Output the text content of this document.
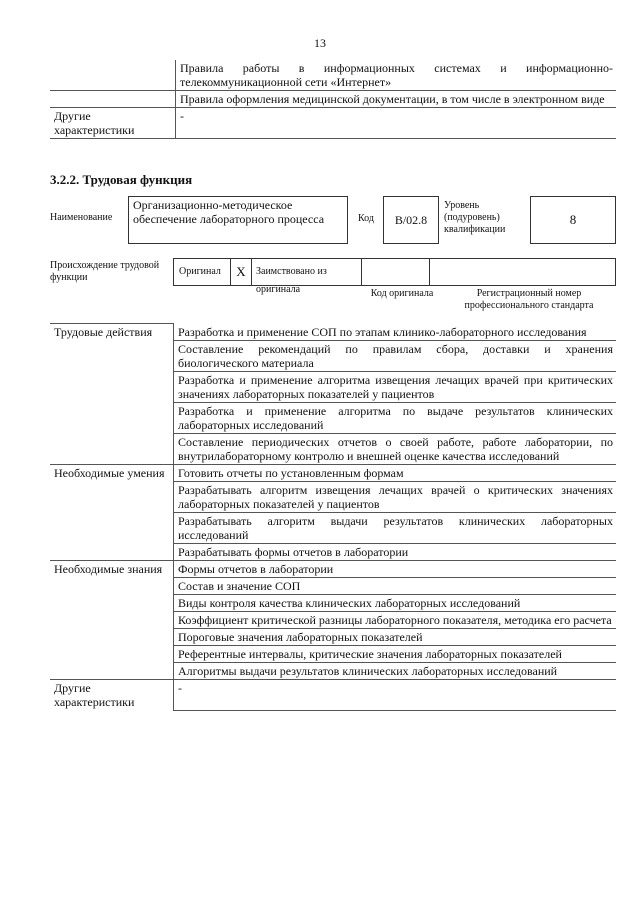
13
	Правила работы в информационных системах и информационно-телекоммуникационной сети «Интернет»
	Правила оформления медицинской документации, в том числе в электронном виде
Другие характеристики	-
3.2.2. Трудовая функция
Наименование
Организационно-методическое обеспечение лабораторного процесса	Код	B/02.8
Уровень (подуровень) квалификации
8
Происхождение трудовой функции
Оригинал	X	Заимствовано из оригинала	Код оригинала	Регистрационный номер профессионального стандарта
Трудовые действия	Разработка и применение СОП по этапам клинико-лабораторного исследования
	Составление рекомендаций по правилам сбора, доставки и хранения биологического материала
	Разработка и применение алгоритма извещения лечащих врачей при критических значениях лабораторных показателей у пациентов
	Разработка и применение алгоритма по выдаче результатов клинических лабораторных исследований
	Составление периодических отчетов о своей работе, работе лаборатории, по внутрилабораторному контролю и внешней оценке качества исследований
Необходимые умения	Готовить отчеты по установленным формам
	Разрабатывать алгоритм извещения лечащих врачей о критических значениях лабораторных показателей у пациентов
	Разрабатывать алгоритм выдачи результатов клинических лабораторных исследований
	Разрабатывать формы отчетов в лаборатории
Необходимые знания	Формы отчетов в лаборатории
	Состав и значение СОП
	Виды контроля качества клинических лабораторных исследований
	Коэффициент критической разницы лабораторного показателя, методика его расчета
	Пороговые значения лабораторных показателей
	Референтные интервалы, критические значения лабораторных показателей
	Алгоритмы выдачи результатов клинических лабораторных исследований
Другие характеристики	-
